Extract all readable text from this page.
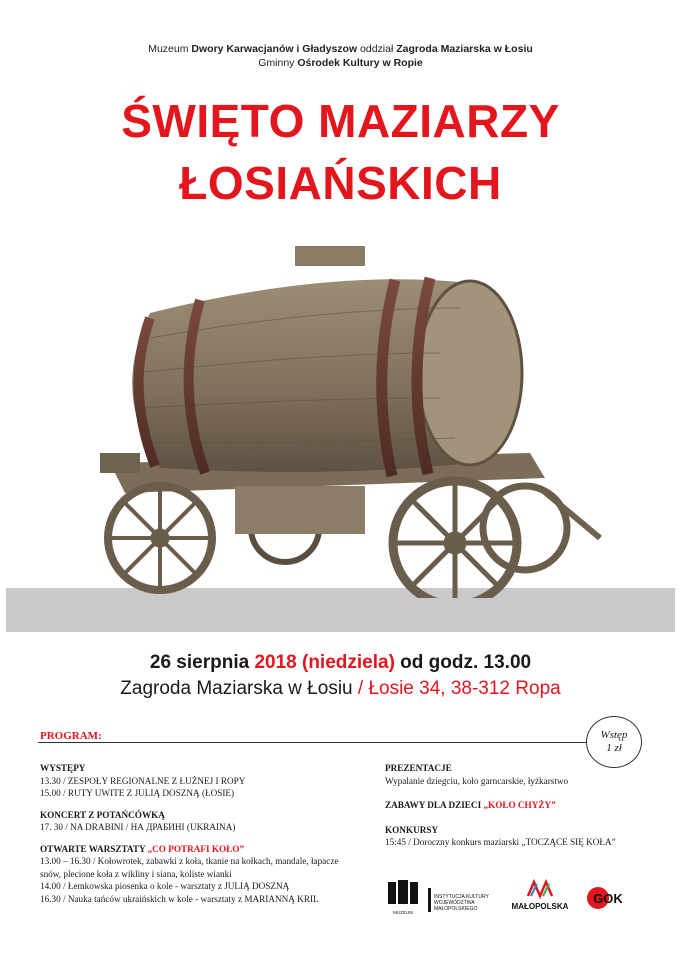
Muzeum Dwory Karwacjanów i Gładyszow oddział Zagroda Maziarska w Łosiu
Gminny Ośrodek Kultury w Ropie
ŚWIĘTO MAZIARZY
ŁOSIAŃSKICH
26 sierpnia 2018 (niedziela) od godz. 13.00
Zagroda Maziarska w Łosiu / Łosie 34, 38-312 Ropa
PROGRAM:	Wstęp
1 zł
WYSTĘPY
13.30 / ZESPOŁY REGIONALNE Z ŁUŻNEJ I ROPY
15.00 / RUTY UWITE Z JULIĄ DOSZNĄ (ŁOSIE)
KONCERT Z POTAŃCÓWKĄ
17. 30 / NA DRABINI / НА ДРАБИНІ (UKRAINA)
OTWARTE WARSZTATY „CO POTRAFI KOŁO”
13.00 – 16.30 / Kołowrotek, zabawki z koła, tkanie na kołkach, mandale, łapacze snów, plecione koła z wikliny i siana, koliste wianki
14.00 / Łemkowska piosenka o kole - warsztaty z JULIĄ DOSZNĄ
16.30 / Nauka tańców ukraińskich w kole - warsztaty z MARIANNĄ KRIL
PREZENTACJE
Wypalanie dziegciu, koło garncarskie, łyżkarstwo
ZABAWY DLA DZIECI „KOŁO CHYŻY”
KONKURSY
15:45 / Doroczny konkurs maziarski „TOCZĄCE SIĘ KOŁA”
MUZEUM
INSTYTUCJA KULTURY WOJEWÓDZTWA MAŁOPOLSKIEGO	MAŁOPOLSKA
GOK
